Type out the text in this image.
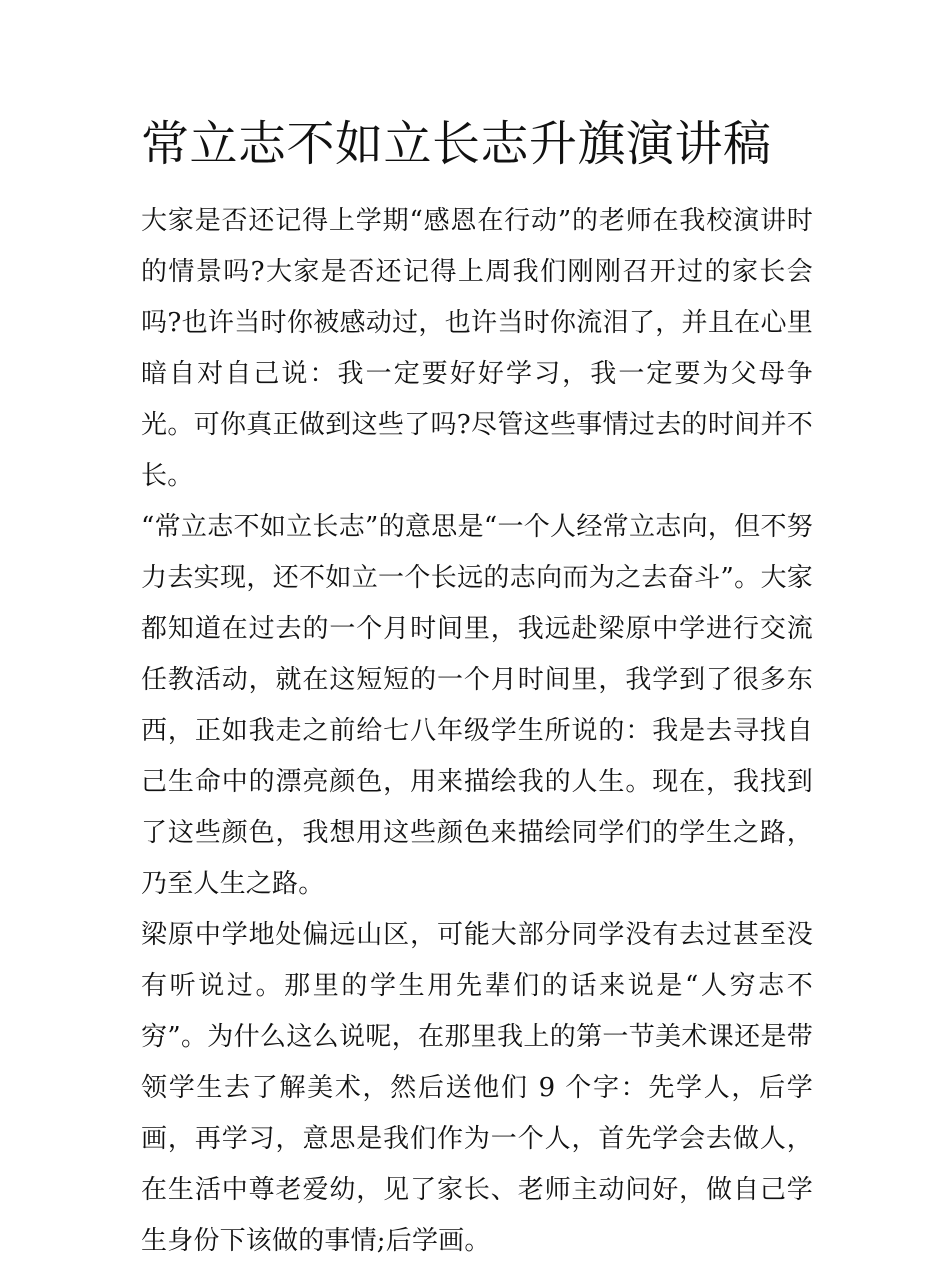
常立志不如立长志升旗演讲稿

大家是否还记得上学期“感恩在行动”的老师在我校演讲时的情景吗?大家是否还记得上周我们刚刚召开过的家长会吗?也许当时你被感动过，也许当时你流泪了，并且在心里暗自对自己说：我一定要好好学习，我一定要为父母争光。可你真正做到这些了吗?尽管这些事情过去的时间并不长。

“常立志不如立长志”的意思是“一个人经常立志向，但不努力去实现，还不如立一个长远的志向而为之去奋斗”。大家都知道在过去的一个月时间里，我远赴梁原中学进行交流任教活动，就在这短短的一个月时间里，我学到了很多东西，正如我走之前给七八年级学生所说的：我是去寻找自己生命中的漂亮颜色，用来描绘我的人生。现在，我找到了这些颜色，我想用这些颜色来描绘同学们的学生之路，乃至人生之路。

梁原中学地处偏远山区，可能大部分同学没有去过甚至没有听说过。那里的学生用先辈们的话来说是“人穷志不穷”。为什么这么说呢，在那里我上的第一节美术课还是带领学生去了解美术，然后送他们 9 个字：先学人，后学画，再学习，意思是我们作为一个人，首先学会去做人，在生活中尊老爱幼，见了家长、老师主动问好，做自己学生身份下该做的事情;后学画。
